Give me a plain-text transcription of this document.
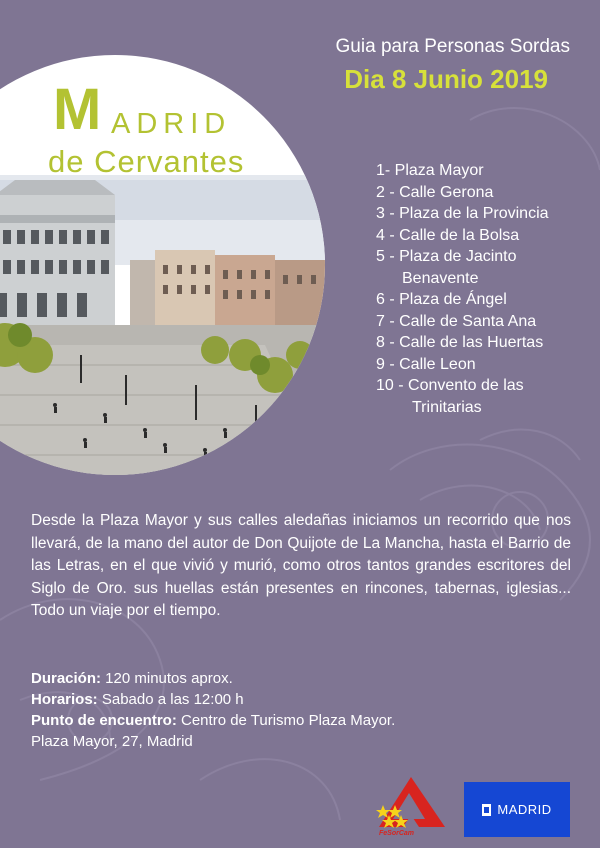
Guia para Personas Sordas
Dia 8 Junio 2019
M ADRID
de Cervantes	1- Plaza Mayor
2 - Calle Gerona
3 - Plaza de la Provincia
4 - Calle de la Bolsa
5 - Plaza de Jacinto
Benavente
6 - Plaza de Ángel
7 - Calle de Santa Ana
8 - Calle de las Huertas
9 - Calle Leon
10 - Convento de las
Trinitarias
Desde la Plaza Mayor y sus calles aledañas iniciamos un recorrido que nos llevará, de la mano del autor de Don Quijote de La Mancha, hasta el Barrio de las Letras, en el que vivió y murió, como otros tantos grandes escritores del Siglo de Oro. sus huellas están presentes en rincones, tabernas, iglesias... Todo un viaje por el tiempo.
Duración: 120 minutos aprox.
Horarios: Sabado a las 12:00 h
Punto de encuentro: Centro de Turismo Plaza Mayor.
Plaza Mayor, 27, Madrid
FeSorCam
MADRID
